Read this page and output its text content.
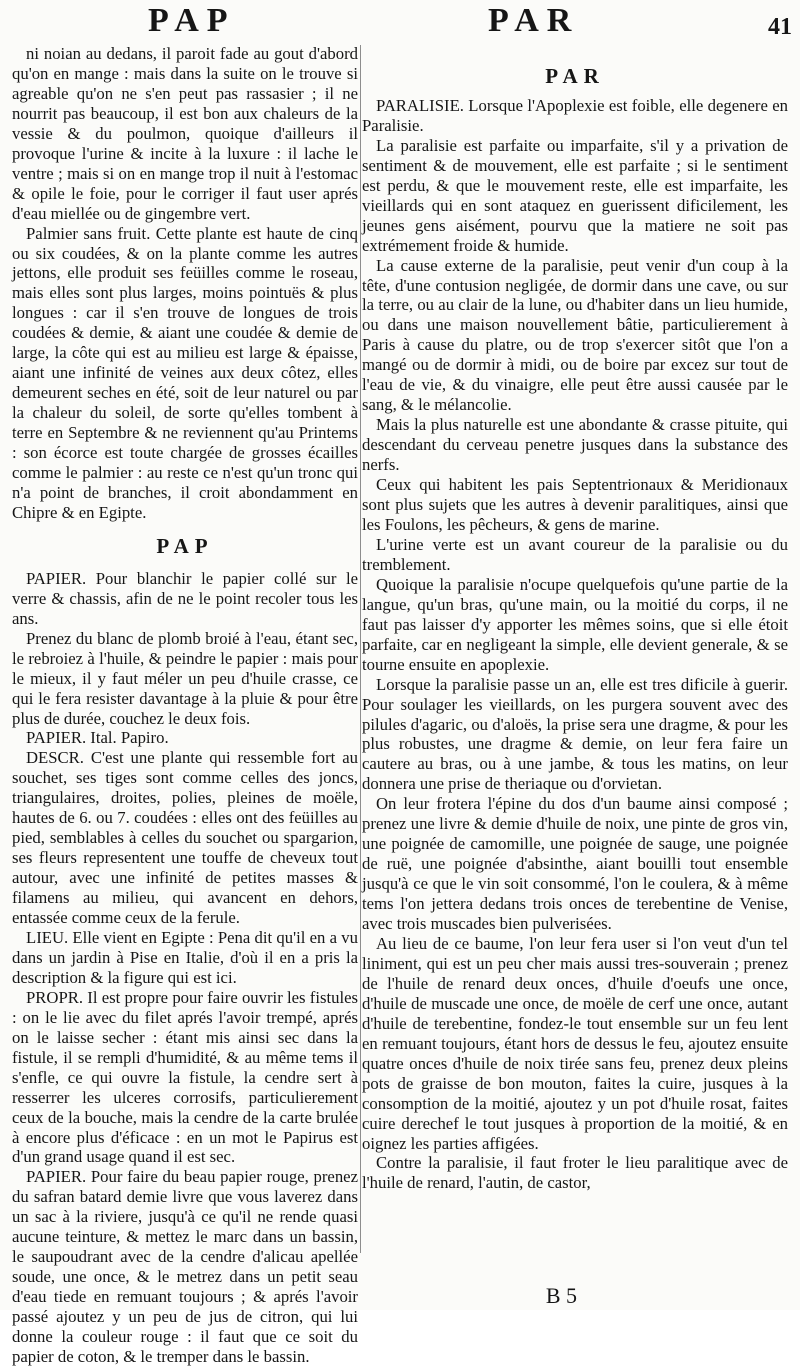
PAP	PAR	41

ni noian au dedans, il paroit fade au gout d'abord qu'on en mange : mais dans la suite on le trouve si agreable qu'on ne s'en peut pas rassasier ; il ne nourrit pas beaucoup, il est bon aux chaleurs de la vessie & du poulmon, quoique d'ailleurs il provoque l'urine & incite à la luxure : il lache le ventre ; mais si on en mange trop il nuit à l'estomac & opile le foie, pour le corriger il faut user aprés d'eau miellée ou de gingembre vert.

Palmier sans fruit. Cette plante est haute de cinq ou six coudées, & on la plante comme les autres jettons, elle produit ses feüilles comme le roseau, mais elles sont plus larges, moins pointuës & plus longues : car il s'en trouve de longues de trois coudées & demie, & aiant une coudée & demie de large, la côte qui est au milieu est large & épaisse, aiant une infinité de veines aux deux côtez, elles demeurent seches en été, soit de leur naturel ou par la chaleur du soleil, de sorte qu'elles tombent à terre en Septembre & ne reviennent qu'au Printems : son écorce est toute chargée de grosses écailles comme le palmier : au reste ce n'est qu'un tronc qui n'a point de branches, il croit abondamment en Chipre & en Egipte.

PAP

PAPIER. Pour blanchir le papier collé sur le verre & chassis, afin de ne le point recoler tous les ans.

Prenez du blanc de plomb broié à l'eau, étant sec, le rebroiez à l'huile, & peindre le papier : mais pour le mieux, il y faut méler un peu d'huile crasse, ce qui le fera resister davantage à la pluie & pour être plus de durée, couchez le deux fois.

PAPIER. Ital. Papiro.

DESCR. C'est une plante qui ressemble fort au souchet, ses tiges sont comme celles des joncs, triangulaires, droites, polies, pleines de moële, hautes de 6. ou 7. coudées : elles ont des feüilles au pied, semblables à celles du souchet ou spargarion, ses fleurs representent une touffe de cheveux tout autour, avec une infinité de petites masses & filamens au milieu, qui avancent en dehors, entassée comme ceux de la ferule.

LIEU. Elle vient en Egipte : Pena dit qu'il en a vu dans un jardin à Pise en Italie, d'où il en a pris la description & la figure qui est ici.

PROPR. Il est propre pour faire ouvrir les fistules : on le lie avec du filet aprés l'avoir trempé, aprés on le laisse secher : étant mis ainsi sec dans la fistule, il se rempli d'humidité, & au même tems il s'enfle, ce qui ouvre la fistule, la cendre sert à resserrer les ulceres corrosifs, particulierement ceux de la bouche, mais la cendre de la carte brulée à encore plus d'éficace : en un mot le Papirus est d'un grand usage quand il est sec.

PAPIER. Pour faire du beau papier rouge, prenez du safran batard demie livre que vous laverez dans un sac à la riviere, jusqu'à ce qu'il ne rende quasi aucune teinture, & mettez le marc dans un bassin, le saupoudrant avec de la cendre d'alicau apellée soude, une once, & le metrez dans un petit seau d'eau tiede en remuant toujours ; & aprés l'avoir passé ajoutez y un peu de jus de citron, qui lui donne la couleur rouge : il faut que ce soit du papier de coton, & le tremper dans le bassin.

PAR

PARALISIE. Lorsque l'Apoplexie est foible, elle degenere en Paralisie.

La paralisie est parfaite ou imparfaite, s'il y a privation de sentiment & de mouvement, elle est parfaite ; si le sentiment est perdu, & que le mouvement reste, elle est imparfaite, les vieillards qui en sont ataquez en guerissent dificilement, les jeunes gens aisément, pourvu que la matiere ne soit pas extrémement froide & humide.

La cause externe de la paralisie, peut venir d'un coup à la tête, d'une contusion negligée, de dormir dans une cave, ou sur la terre, ou au clair de la lune, ou d'habiter dans un lieu humide, ou dans une maison nouvellement bâtie, particulierement à Paris à cause du platre, ou de trop s'exercer sitôt que l'on a mangé ou de dormir à midi, ou de boire par excez sur tout de l'eau de vie, & du vinaigre, elle peut être aussi causée par le sang, & le mélancolie.

Mais la plus naturelle est une abondante & crasse pituite, qui descendant du cerveau penetre jusques dans la substance des nerfs.

Ceux qui habitent les pais Septentrionaux & Meridionaux sont plus sujets que les autres à devenir paralitiques, ainsi que les Foulons, les pêcheurs, & gens de marine.

L'urine verte est un avant coureur de la paralisie ou du tremblement.

Quoique la paralisie n'ocupe quelquefois qu'une partie de la langue, qu'un bras, qu'une main, ou la moitié du corps, il ne faut pas laisser d'y apporter les mêmes soins, que si elle étoit parfaite, car en negligeant la simple, elle devient generale, & se tourne ensuite en apoplexie.

Lorsque la paralisie passe un an, elle est tres dificile à guerir. Pour soulager les vieillards, on les purgera souvent avec des pilules d'agaric, ou d'aloës, la prise sera une dragme, & pour les plus robustes, une dragme & demie, on leur fera faire un cautere au bras, ou à une jambe, & tous les matins, on leur donnera une prise de theriaque ou d'orvietan.

On leur frotera l'épine du dos d'un baume ainsi composé ; prenez une livre & demie d'huile de noix, une pinte de gros vin, une poignée de camomille, une poignée de sauge, une poignée de ruë, une poignée d'absinthe, aiant bouilli tout ensemble jusqu'à ce que le vin soit consommé, l'on le coulera, & à même tems l'on jettera dedans trois onces de terebentine de Venise, avec trois muscades bien pulverisées.

Au lieu de ce baume, l'on leur fera user si l'on veut d'un tel liniment, qui est un peu cher mais aussi tres-souverain ; prenez de l'huile de renard deux onces, d'huile d'oeufs une once, d'huile de muscade une once, de moële de cerf une once, autant d'huile de terebentine, fondez-le tout ensemble sur un feu lent en remuant toujours, étant hors de dessus le feu, ajoutez ensuite quatre onces d'huile de noix tirée sans feu, prenez deux pleins pots de graisse de bon mouton, faites la cuire, jusques à la consomption de la moitié, ajoutez y un pot d'huile rosat, faites cuire derechef le tout jusques à proportion de la moitié, & en oignez les parties affigées.

Contre la paralisie, il faut froter le lieu paralitique avec de l'huile de renard, l'autin, de castor,

B 5
